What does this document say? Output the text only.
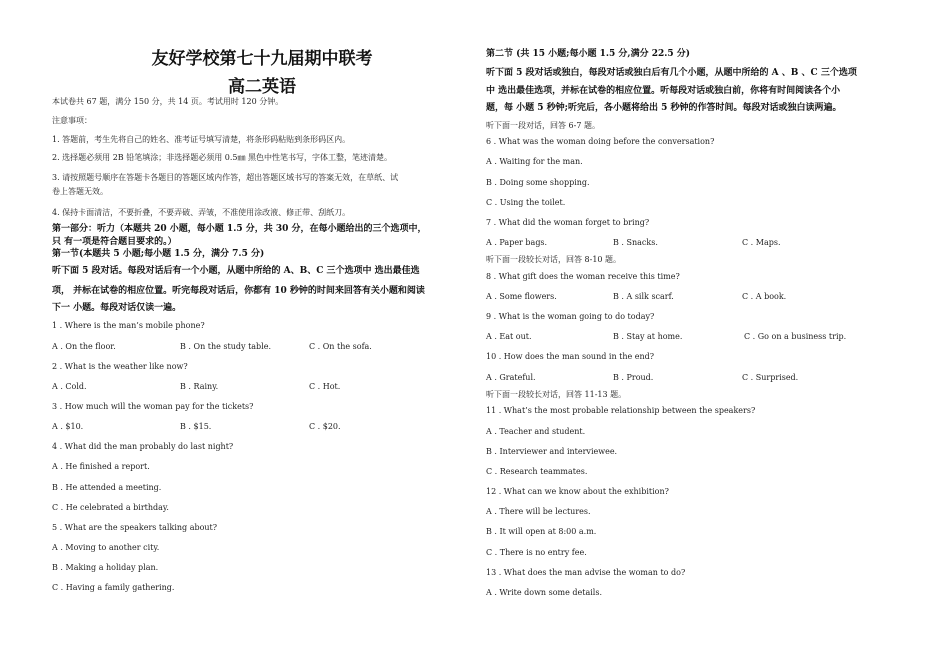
友好学校第七十九届期中联考
高二英语
本试卷共 67 题，满分 150 分，共 14 页。考试用时 120 分钟。
注意事项：
1. 答题前，考生先将自己的姓名、准考证号填写清楚，将条形码粘贴到条形码区内。
2. 选择题必须用 2B 铅笔填涂；非选择题必须用 0.5㎜ 黑色中性笔书写，字体工整，笔迹清楚。
3. 请按照题号顺序在答题卡各题目的答题区域内作答，超出答题区域书写的答案无效，在草纸、试
卷上答题无效。
4. 保持卡面清洁，不要折叠，不要弄破、弄皱，不准使用涂改液、修正带、刮纸刀。
第一部分：听力（本题共 20 小题，每小题 1.5 分，共 30 分，在每小题给出的三个选项中，
只 有一项是符合题目要求的。）
第一节(本题共 5 小题;每小题 1.5 分，满分 7.5 分)
听下面 5 段对话。每段对话后有一个小题，从题中所给的 A、B、C 三个选项中 选出最佳选
项， 并标在试卷的相应位置。听完每段对话后，你都有 10 秒钟的时间来回答有关小题和阅读
下一 小题。每段对话仅读一遍。
1 . Where is the man’s mobile phone?
A . On the floor.	B . On the study table.	C . On the sofa.
2 . What is the weather like now?
A . Cold.	B . Rainy.	C . Hot.
3 . How much will the woman pay for the tickets?
A . $10.	B . $15.	C . $20.
4 . What did the man probably do last night?
A . He finished a report.
B . He attended a meeting.
C . He celebrated a birthday.
5 . What are the speakers talking about?
A . Moving to another city.
B . Making a holiday plan.
C . Having a family gathering.
第二节 (共 15 小题;每小题 1.5 分,满分 22.5 分)
听下面 5 段对话或独白，每段对话或独白后有几个小题，从题中所给的 A 、B 、C 三个选项
中 选出最佳选项，并标在试卷的相应位置。听每段对话或独白前，你将有时间阅读各个小
题，每 小题 5 秒钟;听完后，各小题将给出 5 秒钟的作答时间。每段对话或独白读两遍。
听下面一段对话，回答 6-7 题。
6 . What was the woman doing before the conversation?
A . Waiting for the man.
B . Doing some shopping.
C . Using the toilet.
7 . What did the woman forget to bring?
A . Paper bags.	B . Snacks.	C . Maps.
听下面一段较长对话，回答 8-10 题。
8 . What gift does the woman receive this time?
A . Some flowers.	B . A silk scarf.	C . A book.
9 . What is the woman going to do today?
A . Eat out.	B . Stay at home.	C . Go on a business trip.
10 . How does the man sound in the end?
A . Grateful.	B . Proud.	C . Surprised.
听下面一段较长对话，回答 11-13 题。
11 . What’s the most probable relationship between the speakers?
A . Teacher and student.
B . Interviewer and interviewee.
C . Research teammates.
12 . What can we know about the exhibition?
A . There will be lectures.
B . It will open at 8:00 a.m.
C . There is no entry fee.
13 . What does the man advise the woman to do?
A . Write down some details.
